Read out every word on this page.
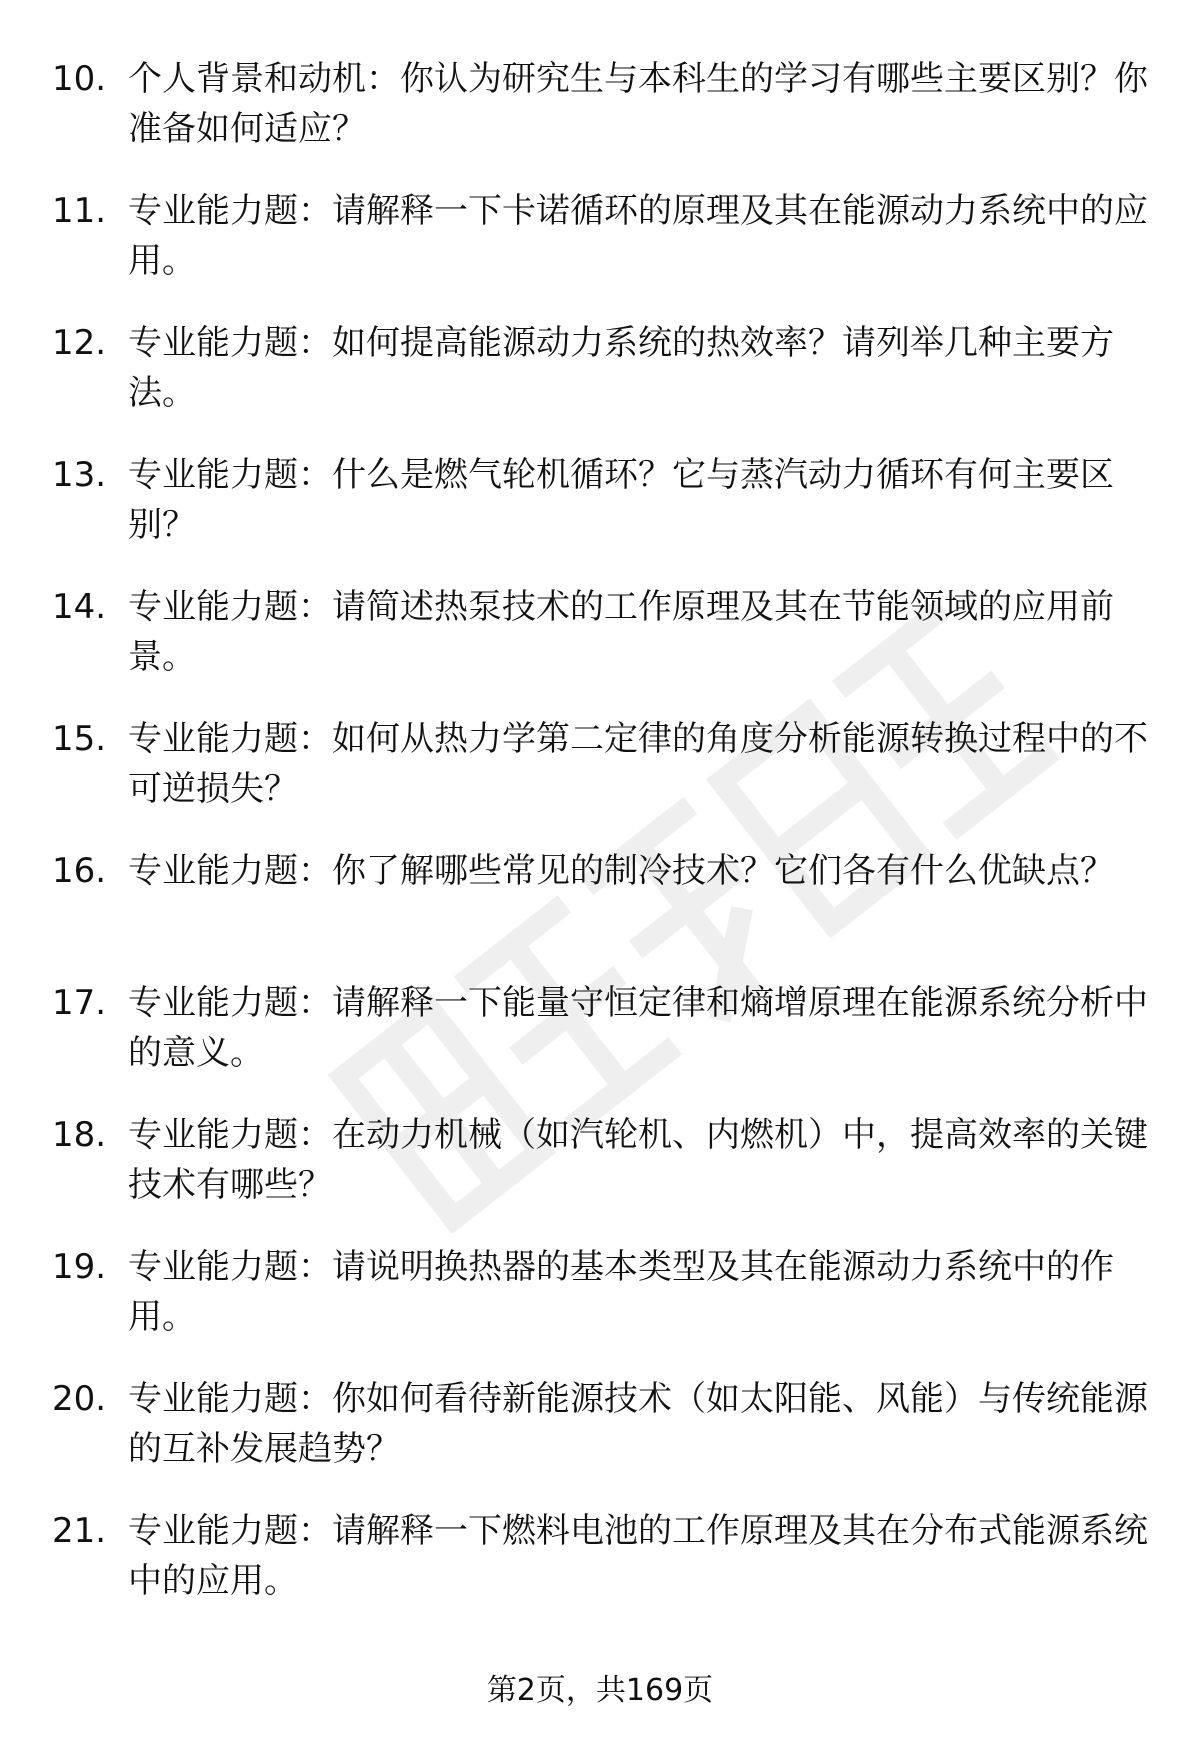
10. 个人背景和动机：你认为研究生与本科生的学习有哪些主要区别？你准备如何适应？
11. 专业能力题：请解释一下卡诺循环的原理及其在能源动力系统中的应用。
12. 专业能力题：如何提高能源动力系统的热效率？请列举几种主要方法。
13. 专业能力题：什么是燃气轮机循环？它与蒸汽动力循环有何主要区别？
14. 专业能力题：请简述热泵技术的工作原理及其在节能领域的应用前景。
15. 专业能力题：如何从热力学第二定律的角度分析能源转换过程中的不可逆损失？
16. 专业能力题：你了解哪些常见的制冷技术？它们各有什么优缺点？
17. 专业能力题：请解释一下能量守恒定律和熵增原理在能源系统分析中的意义。
18. 专业能力题：在动力机械（如汽轮机、内燃机）中，提高效率的关键技术有哪些？
19. 专业能力题：请说明换热器的基本类型及其在能源动力系统中的作用。
20. 专业能力题：你如何看待新能源技术（如太阳能、风能）与传统能源的互补发展趋势？
21. 专业能力题：请解释一下燃料电池的工作原理及其在分布式能源系统中的应用。
第2页，共169页
